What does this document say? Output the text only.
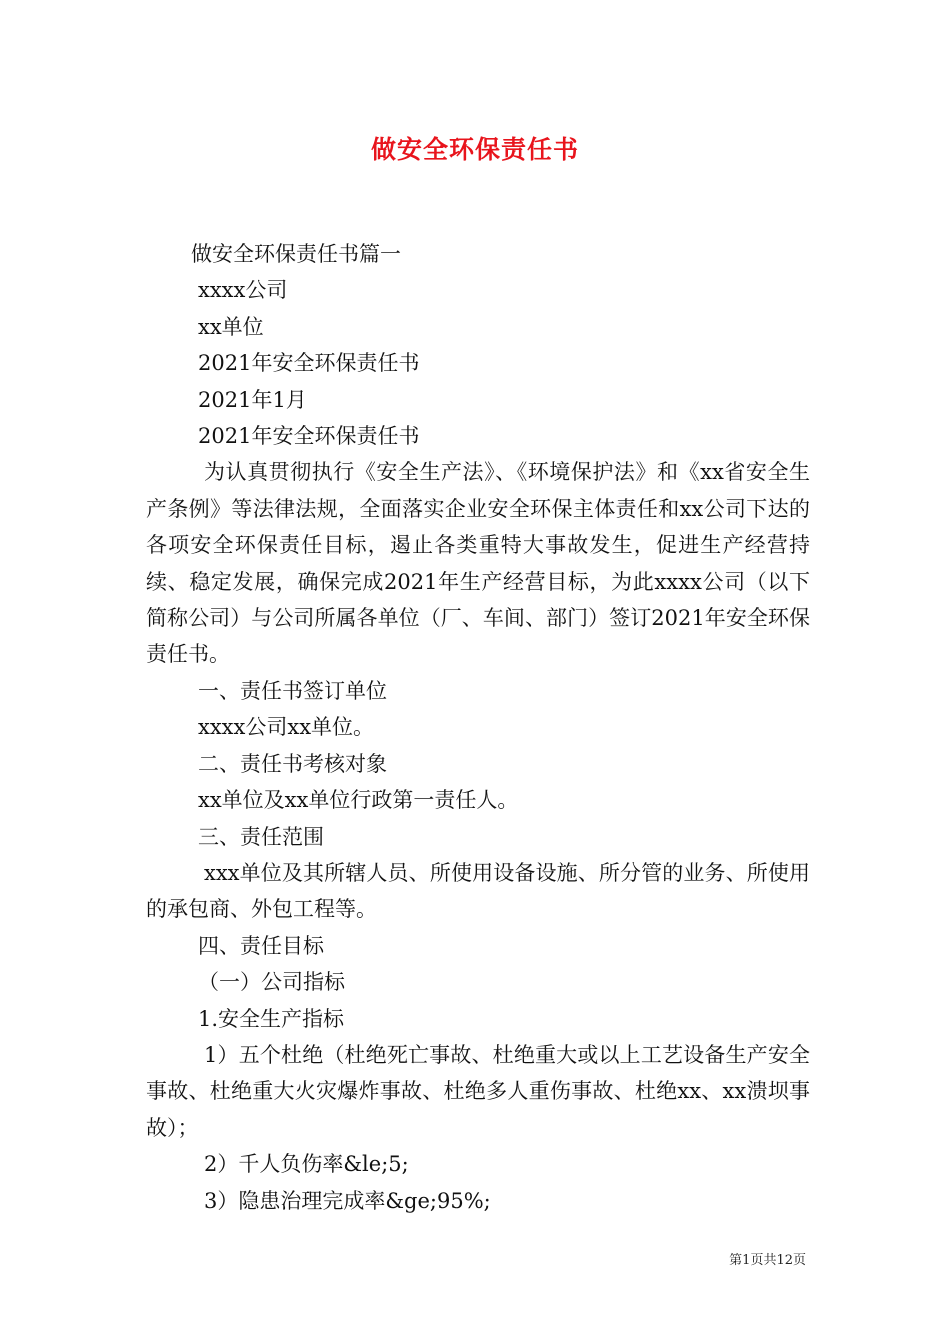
做安全环保责任书

做安全环保责任书篇一

xxxx公司

xx单位

2021年安全环保责任书

2021年1月

2021年安全环保责任书

为认真贯彻执行《安全生产法》、《环境保护法》和《xx省安全生产条例》等法律法规，全面落实企业安全环保主体责任和xx公司下达的各项安全环保责任目标，遏止各类重特大事故发生，促进生产经营持续、稳定发展，确保完成2021年生产经营目标，为此xxxx公司（以下简称公司）与公司所属各单位（厂、车间、部门）签订2021年安全环保责任书。

一、责任书签订单位

xxxx公司xx单位。

二、责任书考核对象

xx单位及xx单位行政第一责任人。

三、责任范围

xxx单位及其所辖人员、所使用设备设施、所分管的业务、所使用的承包商、外包工程等。

四、责任目标

（一）公司指标

1.安全生产指标

1）五个杜绝（杜绝死亡事故、杜绝重大或以上工艺设备生产安全事故、杜绝重大火灾爆炸事故、杜绝多人重伤事故、杜绝xx、xx溃坝事故）；

2）千人负伤率&le;5;

3）隐患治理完成率&ge;95%;

第1页共12页
